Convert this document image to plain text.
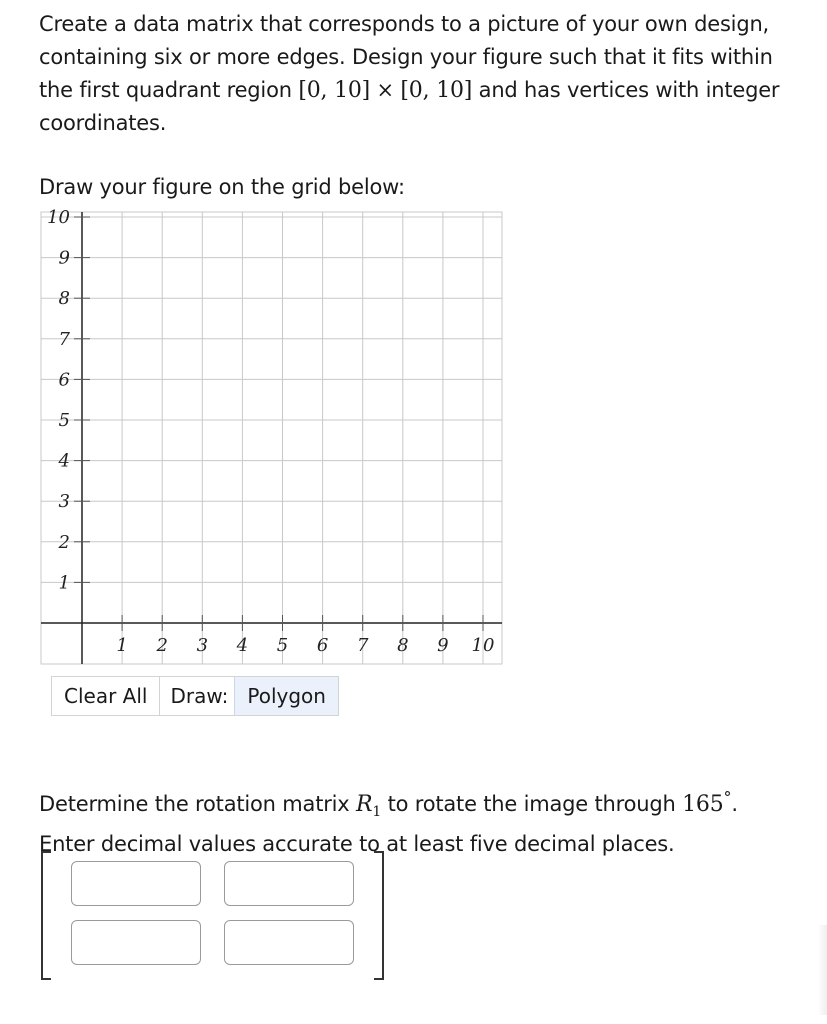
Create a data matrix that corresponds to a picture of your own design,
containing six or more edges. Design your figure such that it fits within
the first quadrant region [0, 10] × [0, 10] and has vertices with integer
coordinates.
Draw your figure on the grid below:
1
2
3
4
5
6
7
8
9
10
1 2 3 4 5 6 7 8 9 10
Clear All	Draw: Polygon
Determine the rotation matrix $R_1$ to rotate the image through 165°.
Enter decimal values accurate to at least five decimal places.
